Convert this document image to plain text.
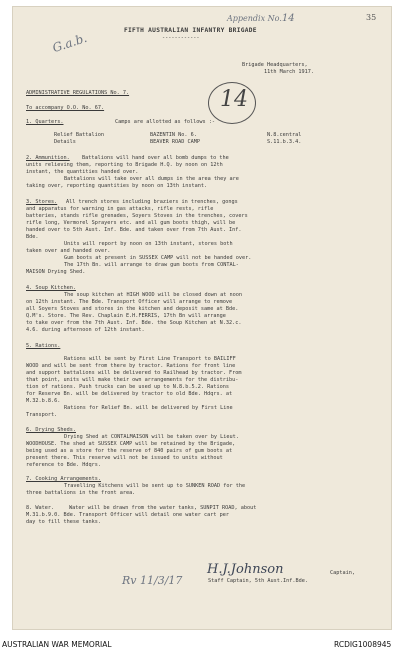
Appendix No.14	35
G.a.b.
FIFTH AUSTRALIAN INFANTRY BRIGADE
------------
Brigade Headquarters,
11th March 1917.
14
ADMINISTRATIVE REGULATIONS No. 7.
To accompany O.O. No. 67.
1. Quarters.	Camps are allotted as follows :-
Relief Battalion	BAZENTIN No. 6.	N.8.central
Details	BEAVER ROAD CAMP	S.11.b.3.4.
2. Ammunition. Battalions will hand over all bomb dumps to the
units relieving them, reporting to Brigade H.Q. by noon on 12th
instant, the quantities handed over.
Battalions will take over all dumps in the area they are
taking over, reporting quantities by noon on 13th instant.
3. Stores. All trench stores including braziers in trenches, gongs
and apparatus for warning in gas attacks, rifle rests, rifle
batteries, stands rifle grenades, Soyers Stoves in the trenches, covers
rifle long, Vermorel Sprayers etc. and all gum boots thigh, will be
handed over to 5th Aust. Inf. Bde. and taken over from 7th Aust. Inf.
Bde.
Units will report by noon on 13th instant, stores both
taken over and handed over.
Gum boots at present in SUSSEX CAMP will not be handed over.
The 17th Bn. will arrange to draw gum boots from CONTAL-
MAISON Drying Shed.
4. Soup Kitchen.
The soup kitchen at HIGH WOOD will be closed down at noon
on 12th instant. The Bde. Transport Officer will arrange to remove
all Soyers Stoves and stores in the kitchen and deposit same at Bde.
Q.M's. Store. The Rev. Chaplain E.H.FERRIS, 17th Bn will arrange
to take over from the 7th Aust. Inf. Bde. the Soup Kitchen at N.32.c.
4.6. during afternoon of 12th instant.
5. Rations.
Rations will be sent by First Line Transport to BAILIFF
WOOD and will be sent from there by tractor. Rations for front line
and support battalions will be delivered to Railhead by tractor. From
that point, units will make their own arrangements for the distribu-
tion of rations. Push trucks can be used up to N.8.b.5.2. Rations
for Reserve Bn. will be delivered by tractor to old Bde. Hdqrs. at
M.32.b.8.6.
Rations for Relief Bn. will be delivered by First Line
Transport.
6. Drying Sheds.
Drying Shed at CONTALMAISON will be taken over by Lieut.
WOODHOUSE. The shed at SUSSEX CAMP will be retained by the Brigade,
being used as a store for the reserve of 840 pairs of gum boots at
present there. This reserve will not be issued to units without
reference to Bde. Hdqrs.
7. Cooking Arrangements.
Travelling Kitchens will be sent up to SUNKEN ROAD for the
three battalions in the front area.
8. Water.	Water will be drawn from the water tanks, SUNPIT ROAD, about
M.31.b.9.0. Bde. Transport Officer will detail one water cart per
day to fill these tanks.
Rv 11/3/17
H.J.Johnson	Captain,
Staff Captain, 5th Aust.Inf.Bde.
AUSTRALIAN WAR MEMORIAL	RCDIG1008945
